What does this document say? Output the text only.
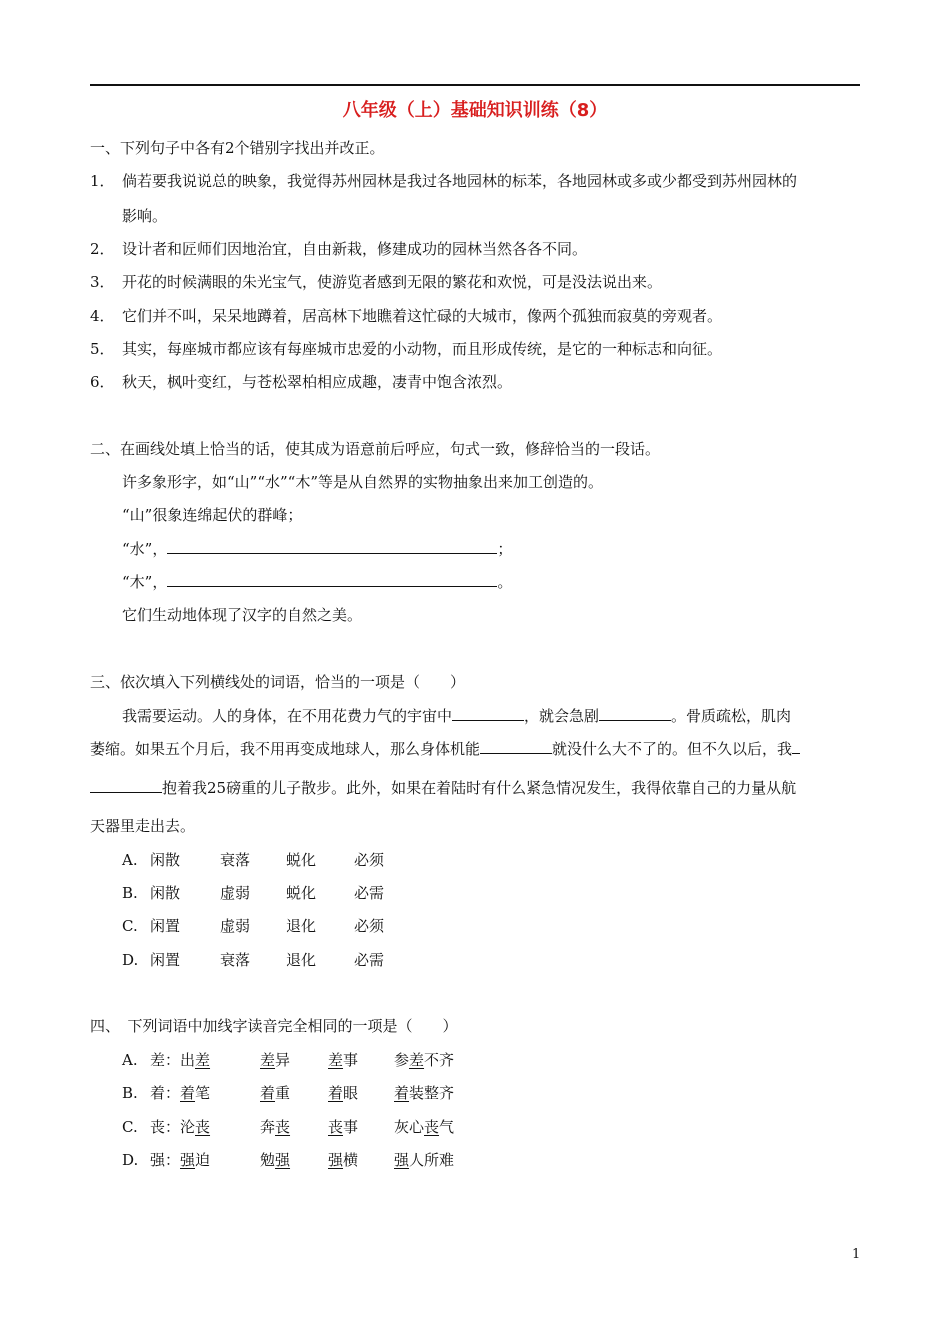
八年级（上）基础知识训练（8）
一、下列句子中各有2个错别字找出并改正。
1． 倘若要我说说总的映象，我觉得苏州园林是我过各地园林的标苯，各地园林或多或少都受到苏州园林的
影响。
2． 设计者和匠师们因地治宜，自由新栽，修建成功的园林当然各各不同。
3． 开花的时候满眼的朱光宝气，使游览者感到无限的繁花和欢悦，可是没法说出来。
4． 它们并不叫，呆呆地蹲着，居高林下地瞧着这忙碌的大城市，像两个孤独而寂莫的旁观者。
5． 其实，每座城市都应该有每座城市忠爱的小动物，而且形成传统，是它的一种标志和向征。
6． 秋天，枫叶变红，与苍松翠柏相应成趣，凄青中饱含浓烈。
二、在画线处填上恰当的话，使其成为语意前后呼应，句式一致，修辞恰当的一段话。
许多象形字，如“山”“水”“木”等是从自然界的实物抽象出来加工创造的。
“山”很象连绵起伏的群峰；
“水”，	；
“木”，	。
它们生动地体现了汉字的自然之美。
三、依次填入下列横线处的词语，恰当的一项是（　　）
我需要运动。人的身体，在不用花费力气的宇宙中	，就会急剧	。骨质疏松，肌肉
萎缩。如果五个月后，我不用再变成地球人，那么身体机能	就没什么大不了的。但不久以后，我
抱着我25磅重的儿子散步。此外，如果在着陆时有什么紧急情况发生，我得依靠自己的力量从航
天器里走出去。
A. 闲散	衰落 蜕化	必须
B. 闲散	虚弱 蜕化	必需
C. 闲置	虚弱 退化	必须
D. 闲置	衰落 退化	必需
四、　下列词语中加线字读音完全相同的一项是（　　）
A. 差：出差	差异	差事 参差不齐
B. 着：着笔	着重	着眼 着装整齐
C. 丧：沦丧	奔丧	丧事 灰心丧气
D. 强：强迫	勉强	强横 强人所难
1
